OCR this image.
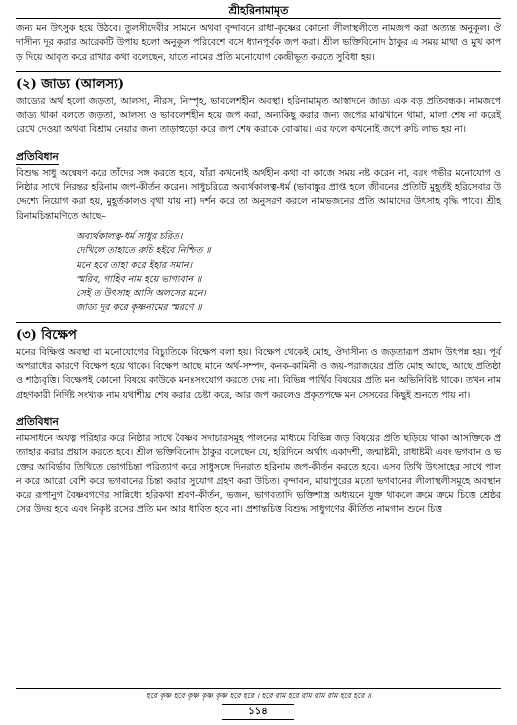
শ্রীহরিনামামৃত

জন্য মন উৎসুক হয়ে উঠবে। তুলসীদেবীর সামনে অথবা বৃন্দাবনে রাধা-কৃষ্ণের কোনো লীলাস্থলীতে নামজপ করা অত্যন্ত অনুকূল। ঔদাসীন্য দূর করার আরেকটি উপায় হলো অনুকূল পরিবেশে বসে ধ্যানপূর্বক জপ করা। শ্রীল ভক্তিবিনোদ ঠাকুর এ সময় মাথা ও মুখ কাপড় দিয়ে আবৃত করে রাখার কথা বলেছেন, যাতে নামের প্রতি মনোযোগ কেন্দ্রীভূত করতে সুবিধা হয়।

(২) জাড্য (আলস্য)

জাড্যের অর্থ হলো জড়তা, আলস্য, নীরস, নিস্পৃহ, ভাবলেশহীন অবস্থা। হরিনামামৃত আস্বাদনে জাড্য এক বড় প্রতিবন্ধক। নামজপে জাড্য থাকা বলতে জড়তা, আলস্য ও ভাবলেশহীন হয়ে জপ করা, অন্যকিছু করার জন্য জপের মাঝখানে থামা, মালা শেষ না করেই রেখে দেওয়া অথবা বিশ্রাম নেয়ার জন্য তাড়াহুড়ো করে জপ শেষ করাকে বোঝায়। এর ফলে কখনোই জপে রুচি লাভ হয় না।

প্রতিবিধান

বিশুদ্ধ সাধু অন্বেষণ করে তাঁদের সঙ্গ করতে হবে, যাঁরা কখনোই অর্থহীন কথা বা কাজে সময় নষ্ট করেন না, বরং গভীর মনোযোগ ও নিষ্ঠার সাথে নিরন্তর হরিনাম জপ-কীর্তন করেন। সাধুচরিত্রে অব্যর্থকালত্ব-ধর্ম (ভাবাঙ্কুর প্রাপ্ত হলে জীবনের প্রতিটি মুহূর্তই হরিসেবার উদ্দেশ্যে নিয়োগ করা হয়, মুহূর্তকালও বৃথা যায় না) দর্শন করে তা অনুসরণ করলে নামভজনের প্রতি আমাদের উৎসাহ বৃদ্ধি পাবে। শ্রীহরিনামচিন্তামণিতে আছে–

অব্যর্থকালত্ব-ধর্ম সাধুর চরিত।
দেখিলে তাহাতে রুচি হইবে নিশ্চিত ॥
মনে হবে তাহা করে ইহার সমান।
স্মরিব, গাহিব নাম হয়ে ভাগ্যবান ॥
সেই ত উৎসাহ আসি অলসের মনে।
জাড্য দূর করে কৃষ্ণনামের স্মরণে ॥
(৩) বিক্ষেপ

মনের বিক্ষিপ্ত অবস্থা বা মনোযোগের বিচ্যুতিকে বিক্ষেপ বলা হয়। বিক্ষেপ থেকেই মোহ, ঔদাসীন্য ও জড়তারূপ প্রমাদ উৎপন্ন হয়। পূর্ব অপরাধের কারণে বিক্ষেপ হয়ে থাকে। বিক্ষেপ আছে মানে অর্থ-সম্পদ, কনক-কামিনী ও জয়-পরাজয়ের প্রতি মোহ আছে, আছে প্রতিষ্ঠা ও শাঠ্যবৃত্তি। বিক্ষেপই কোনো বিষয়ে কাউকে মনঃসংযোগ করতে দেয় না। বিভিন্ন পার্থিব বিষয়ের প্রতি মন অভিনিবিষ্ট থাকে। তখন নামগ্রহণকারী নির্দিষ্ট সংখ্যক নাম যথাশীঘ্র শেষ করার চেষ্টা করে, আর জপ করলেও প্রকৃতপক্ষে মন সেসবের কিছুই শুনতে পায় না।

প্রতিবিধান

নামসাধনে অযত্ন পরিহার করে নিষ্ঠার সাথে বৈষ্ণব সদাচারসমূহ পালনের মাধ্যমে বিভিন্ন জড় বিষয়ের প্রতি ছড়িয়ে থাকা আসক্তিকে প্রত্যাহার করার প্রয়াস করতে হবে। শ্রীল ভক্তিবিনোদ ঠাকুর বলেছেন যে, হরিদিনে অর্থাৎ একাদশী, জন্মাষ্টমী, রাধাষ্টমী এবং ভগবান ও ভক্তের আবির্ভাব তিথিতে ভোগচিন্তা পরিত্যাগ করে সাধুসঙ্গে দিনরাত হরিনাম জপ-কীর্তন করতে হবে। এসব তিথি উৎসাহের সাথে পালন করে আরো বেশি করে ভগবানের চিন্তা করার সুযোগ গ্রহণ করা উচিত। বৃন্দাবন, মায়াপুরের মতো ভগবানের লীলাস্থলীসমূহে অবস্থান করে রূপানুগ বৈষ্ণবগণের সান্নিধ্যে হরিকথা শ্রবণ-কীর্তন, ভজন, ভাগবতাদি ভক্তিশাস্ত্র অধ্যয়নে যুক্ত থাকলে ক্রমে ক্রমে চিত্তে শ্রেষ্ঠরসের উদয় হবে এবং নিকৃষ্ট রসের প্রতি মন আর ধাবিত হবে না। প্রশান্তচিত্ত বিশুদ্ধ সাধুগণের কীর্তিত নামগান শুনে চিত্ত

হরে কৃষ্ণ হরে কৃষ্ণ কৃষ্ণ কৃষ্ণ হরে হরে । হরে রাম হরে রাম রাম রাম হরে হরে ॥
১১৪
